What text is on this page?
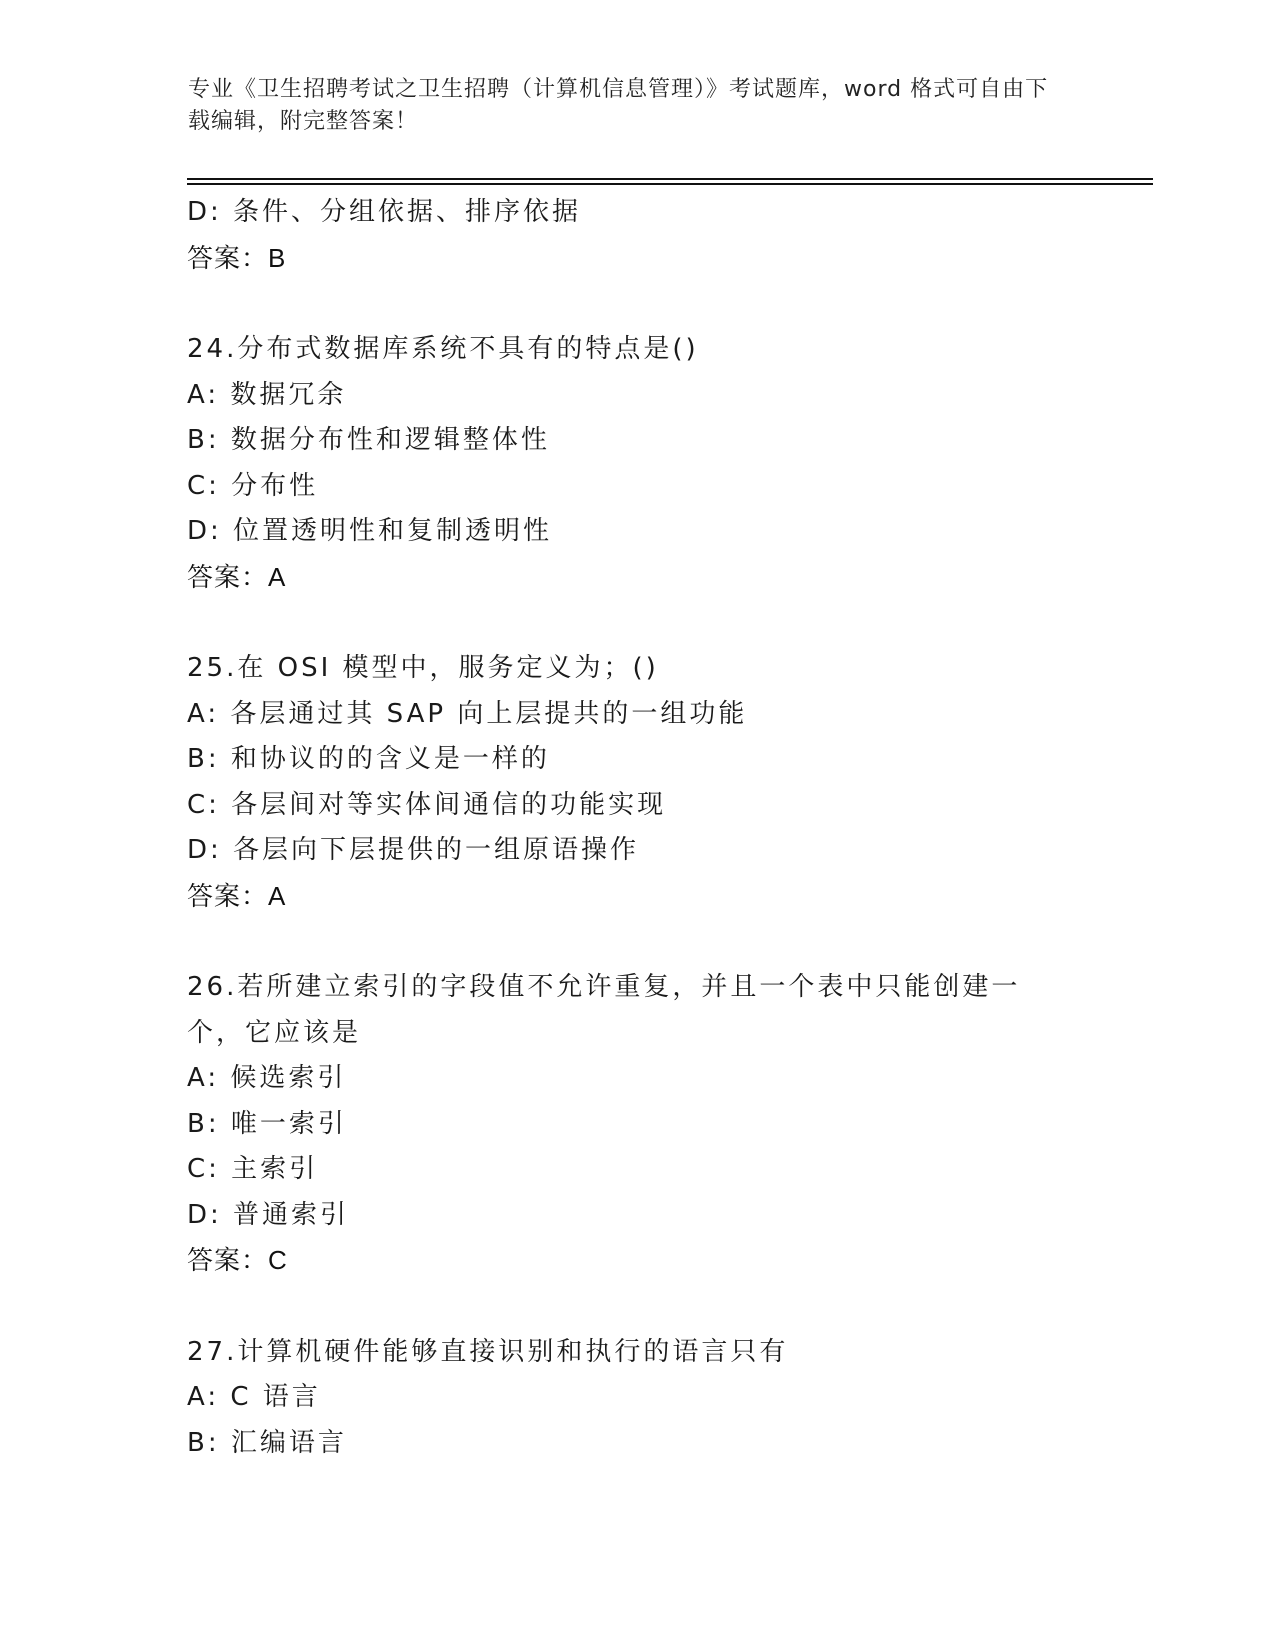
专业《卫生招聘考试之卫生招聘（计算机信息管理）》考试题库，word 格式可自由下载编辑，附完整答案！
D: 条件、分组依据、排序依据
答案：B
24.分布式数据库系统不具有的特点是()
A: 数据冗余
B: 数据分布性和逻辑整体性
C: 分布性
D: 位置透明性和复制透明性
答案：A
25.在 OSI 模型中，服务定义为；()
A: 各层通过其 SAP 向上层提共的一组功能
B: 和协议的的含义是一样的
C: 各层间对等实体间通信的功能实现
D: 各层向下层提供的一组原语操作
答案：A
26.若所建立索引的字段值不允许重复，并且一个表中只能创建一个，它应该是
A: 候选索引
B: 唯一索引
C: 主索引
D: 普通索引
答案：C
27.计算机硬件能够直接识别和执行的语言只有
A: C 语言
B: 汇编语言
